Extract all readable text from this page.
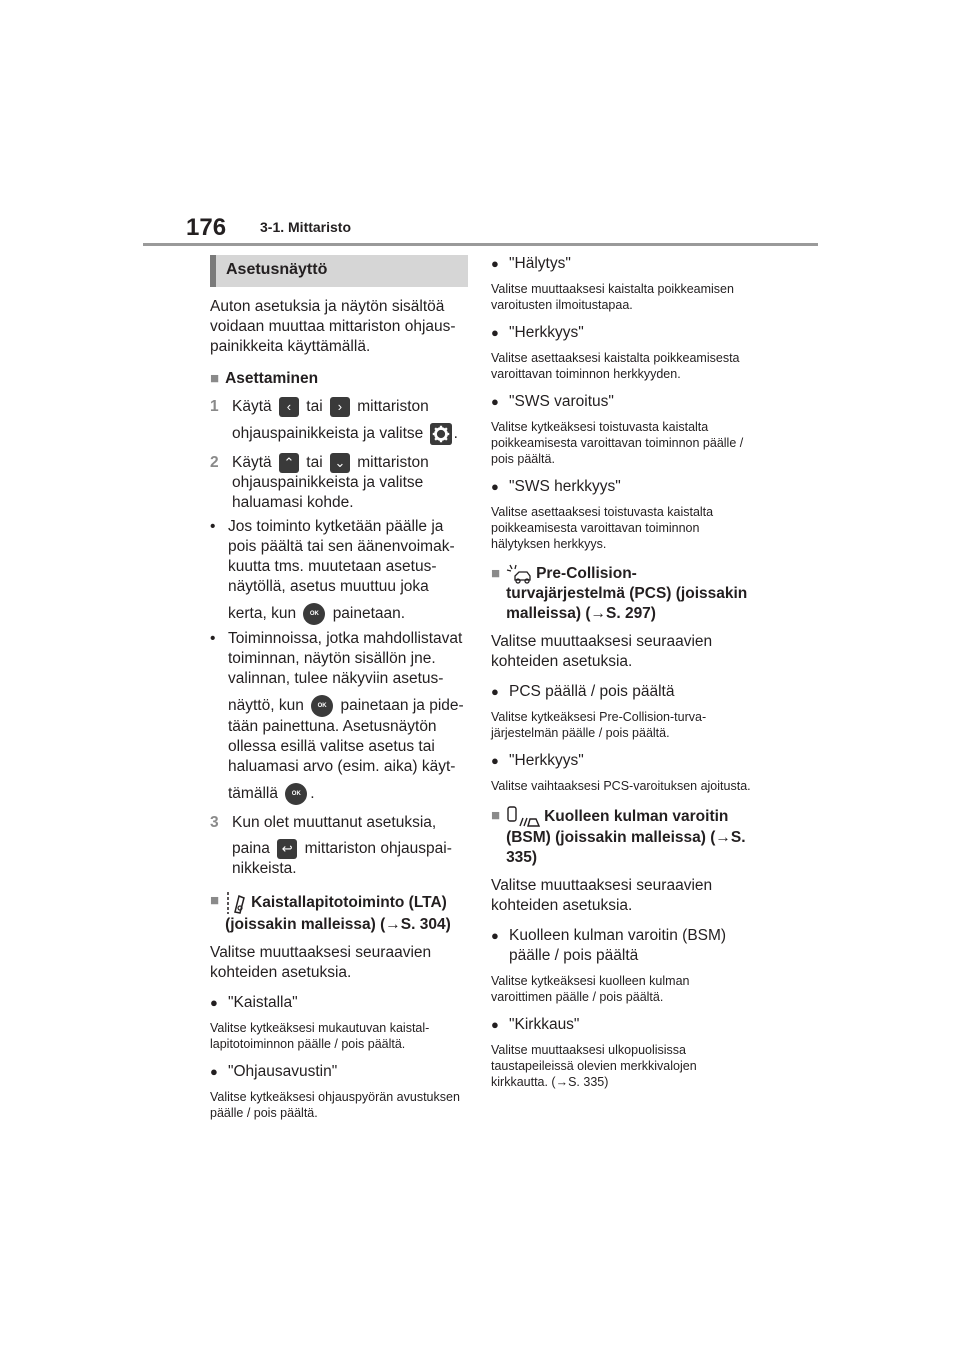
176 3-1. Mittaristo
Asetusnäyttö
Auton asetuksia ja näytön sisältöä voidaan muuttaa mittariston ohjauspainikkeita käyttämällä.
■ Asettaminen
1 Käytä ‹ tai › mittariston
ohjauspainikkeista ja valitse .
2 Käytä ⌃ tai ⌄ mittariston ohjauspainikkeista ja valitse haluamasi kohde.
• Jos toiminto kytketään päälle ja pois päältä tai sen äänenvoimakkuutta tms. muutetaan asetusnäytöllä, asetus muuttuu joka
kerta, kun OK painetaan.
• Toiminnoissa, jotka mahdollistavat toiminnan, näytön sisällön jne. valinnan, tulee näkyviin asetus-
näyttö, kun OK painetaan ja pidetään painettuna. Asetusnäytön ollessa esillä valitse asetus tai haluamasi arvo (esim. aika) käyt-
tämällä OK .
3 Kun olet muuttanut asetuksia,
paina ↩ mittariston ohjauspainikkeista.
■	Kaistallapitotoiminto (LTA) (joissakin malleissa) (→S. 304)
Valitse muuttaaksesi seuraavien kohteiden asetuksia.
● "Kaistalla"
Valitse kytkeäksesi mukautuvan kaistallapitotoiminnon päälle / pois päältä.
● "Ohjausavustin"
Valitse kytkeäksesi ohjauspyörän avustuksen päälle / pois päältä.
● "Hälytys"
Valitse muuttaaksesi kaistalta poikkeamisen varoitusten ilmoitustapaa.
● "Herkkyys"
Valitse asettaaksesi kaistalta poikkeamisesta varoittavan toiminnon herkkyyden.
● "SWS varoitus"
Valitse kytkeäksesi toistuvasta kaistalta poikkeamisesta varoittavan toiminnon päälle / pois päältä.
● "SWS herkkyys"
Valitse asettaaksesi toistuvasta kaistalta poikkeamisesta varoittavan toiminnon hälytyksen herkkyys.
■	Pre-Collision-turvajärjestelmä (PCS) (joissakin malleissa) (→S. 297)
Valitse muuttaaksesi seuraavien kohteiden asetuksia.
● PCS päällä / pois päältä
Valitse kytkeäksesi Pre-Collision-turvajärjestelmän päälle / pois päältä.
● "Herkkyys"
Valitse vaihtaaksesi PCS-varoituksen ajoitusta.
■	Kuolleen kulman varoitin (BSM) (joissakin malleissa) (→S. 335)
Valitse muuttaaksesi seuraavien kohteiden asetuksia.
● Kuolleen kulman varoitin (BSM) päälle / pois päältä
Valitse kytkeäksesi kuolleen kulman varoittimen päälle / pois päältä.
● "Kirkkaus"
Valitse muuttaaksesi ulkopuolisissa taustapeileissä olevien merkkivalojen kirkkautta. (→S. 335)
